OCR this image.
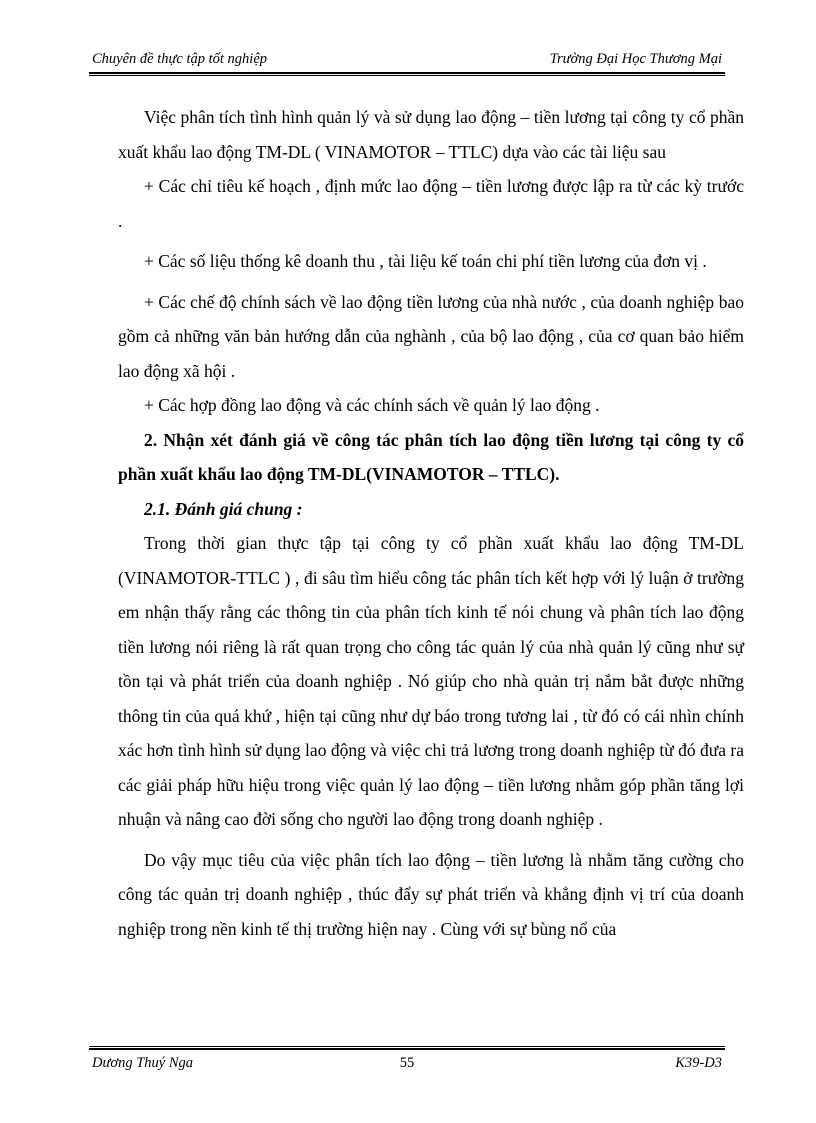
Chuyên đề thực tập tốt nghiệp	Trường Đại Học Thương Mại

Việc phân tích tình hình quản lý và sử dụng lao động – tiền lương tại công ty cổ phần xuất khẩu lao động TM-DL ( VINAMOTOR – TTLC) dựa vào các tài liệu sau

+ Các chỉ tiêu kế hoạch , định mức lao động – tiền lương được lập ra từ các kỳ trước .

+ Các số liệu thống kê doanh thu , tài liệu kế toán chi phí tiền lương của đơn vị .

+ Các chế độ chính sách về lao động tiền lương của nhà nước , của doanh nghiệp bao gồm cả những văn bản hướng dẫn của nghành , của bộ lao động , của cơ quan bảo hiểm lao động xã hội .

+ Các hợp đồng lao động và các chính sách về quản lý lao động .

2. Nhận xét đánh giá về công tác phân tích lao động tiền lương tại công ty cổ phần xuất khẩu lao động TM-DL(VINAMOTOR – TTLC).

2.1. Đánh giá chung :

Trong thời gian thực tập tại công ty cổ phần xuất khẩu lao động TM-DL (VINAMOTOR-TTLC ) , đi sâu tìm hiểu công tác phân tích kết hợp với lý luận ở trường em nhận thấy rằng các thông tin của phân tích kinh tế nói chung và phân tích lao động tiền lương nói riêng là rất quan trọng cho công tác quản lý của nhà quản lý cũng như sự tồn tại và phát triển của doanh nghiệp . Nó giúp cho nhà quản trị nắm bắt được những thông tin của quá khứ , hiện tại cũng như dự báo trong tương lai , từ đó có cái nhìn chính xác hơn tình hình sử dụng lao động và việc chi trả lương trong doanh nghiệp từ đó đưa ra các giải pháp hữu hiệu trong việc quản lý lao động – tiền lương nhằm góp phần tăng lợi nhuận và nâng cao đời sống cho người lao động trong doanh nghiệp .

Do vậy mục tiêu của việc phân tích lao động – tiền lương là nhằm tăng cường cho công tác quản trị doanh nghiệp , thúc đẩy sự phát triển và khẳng định vị trí của doanh nghiệp trong nền kinh tế thị trường hiện nay . Cùng với sự bùng nổ của

Dương Thuý Nga	55	K39-D3
